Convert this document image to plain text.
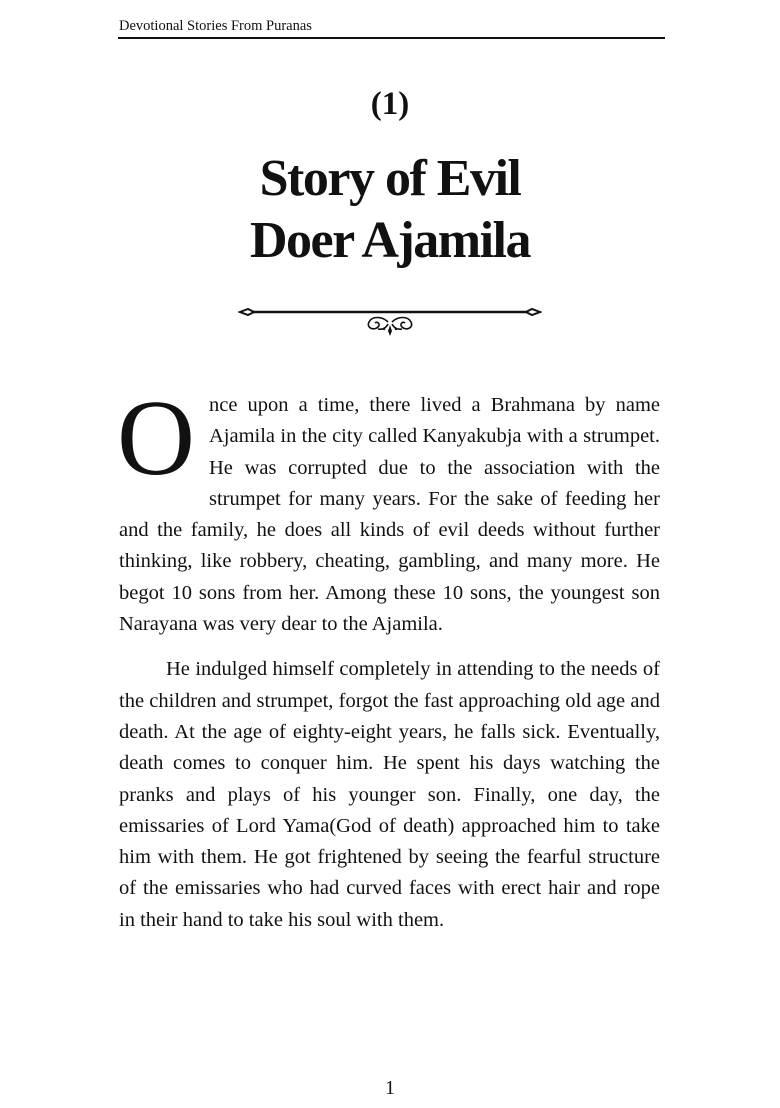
Devotional Stories From Puranas
(1)
Story of Evil
Doer Ajamila

Once upon a time, there lived a Brahmana by name Ajamila in the city called Kanyakubja with a strumpet. He was corrupted due to the association with the strumpet for many years. For the sake of feeding her and the family, he does all kinds of evil deeds without further thinking, like robbery, cheating, gambling, and many more. He begot 10 sons from her. Among these 10 sons, the youngest son Narayana was very dear to the Ajamila.

He indulged himself completely in attending to the needs of the children and strumpet, forgot the fast approaching old age and death. At the age of eighty-eight years, he falls sick. Eventually, death comes to conquer him. He spent his days watching the pranks and plays of his younger son. Finally, one day, the emissaries of Lord Yama(God of death) approached him to take him with them. He got frightened by seeing the fearful structure of the emissaries who had curved faces with erect hair and rope in their hand to take his soul with them.

1
